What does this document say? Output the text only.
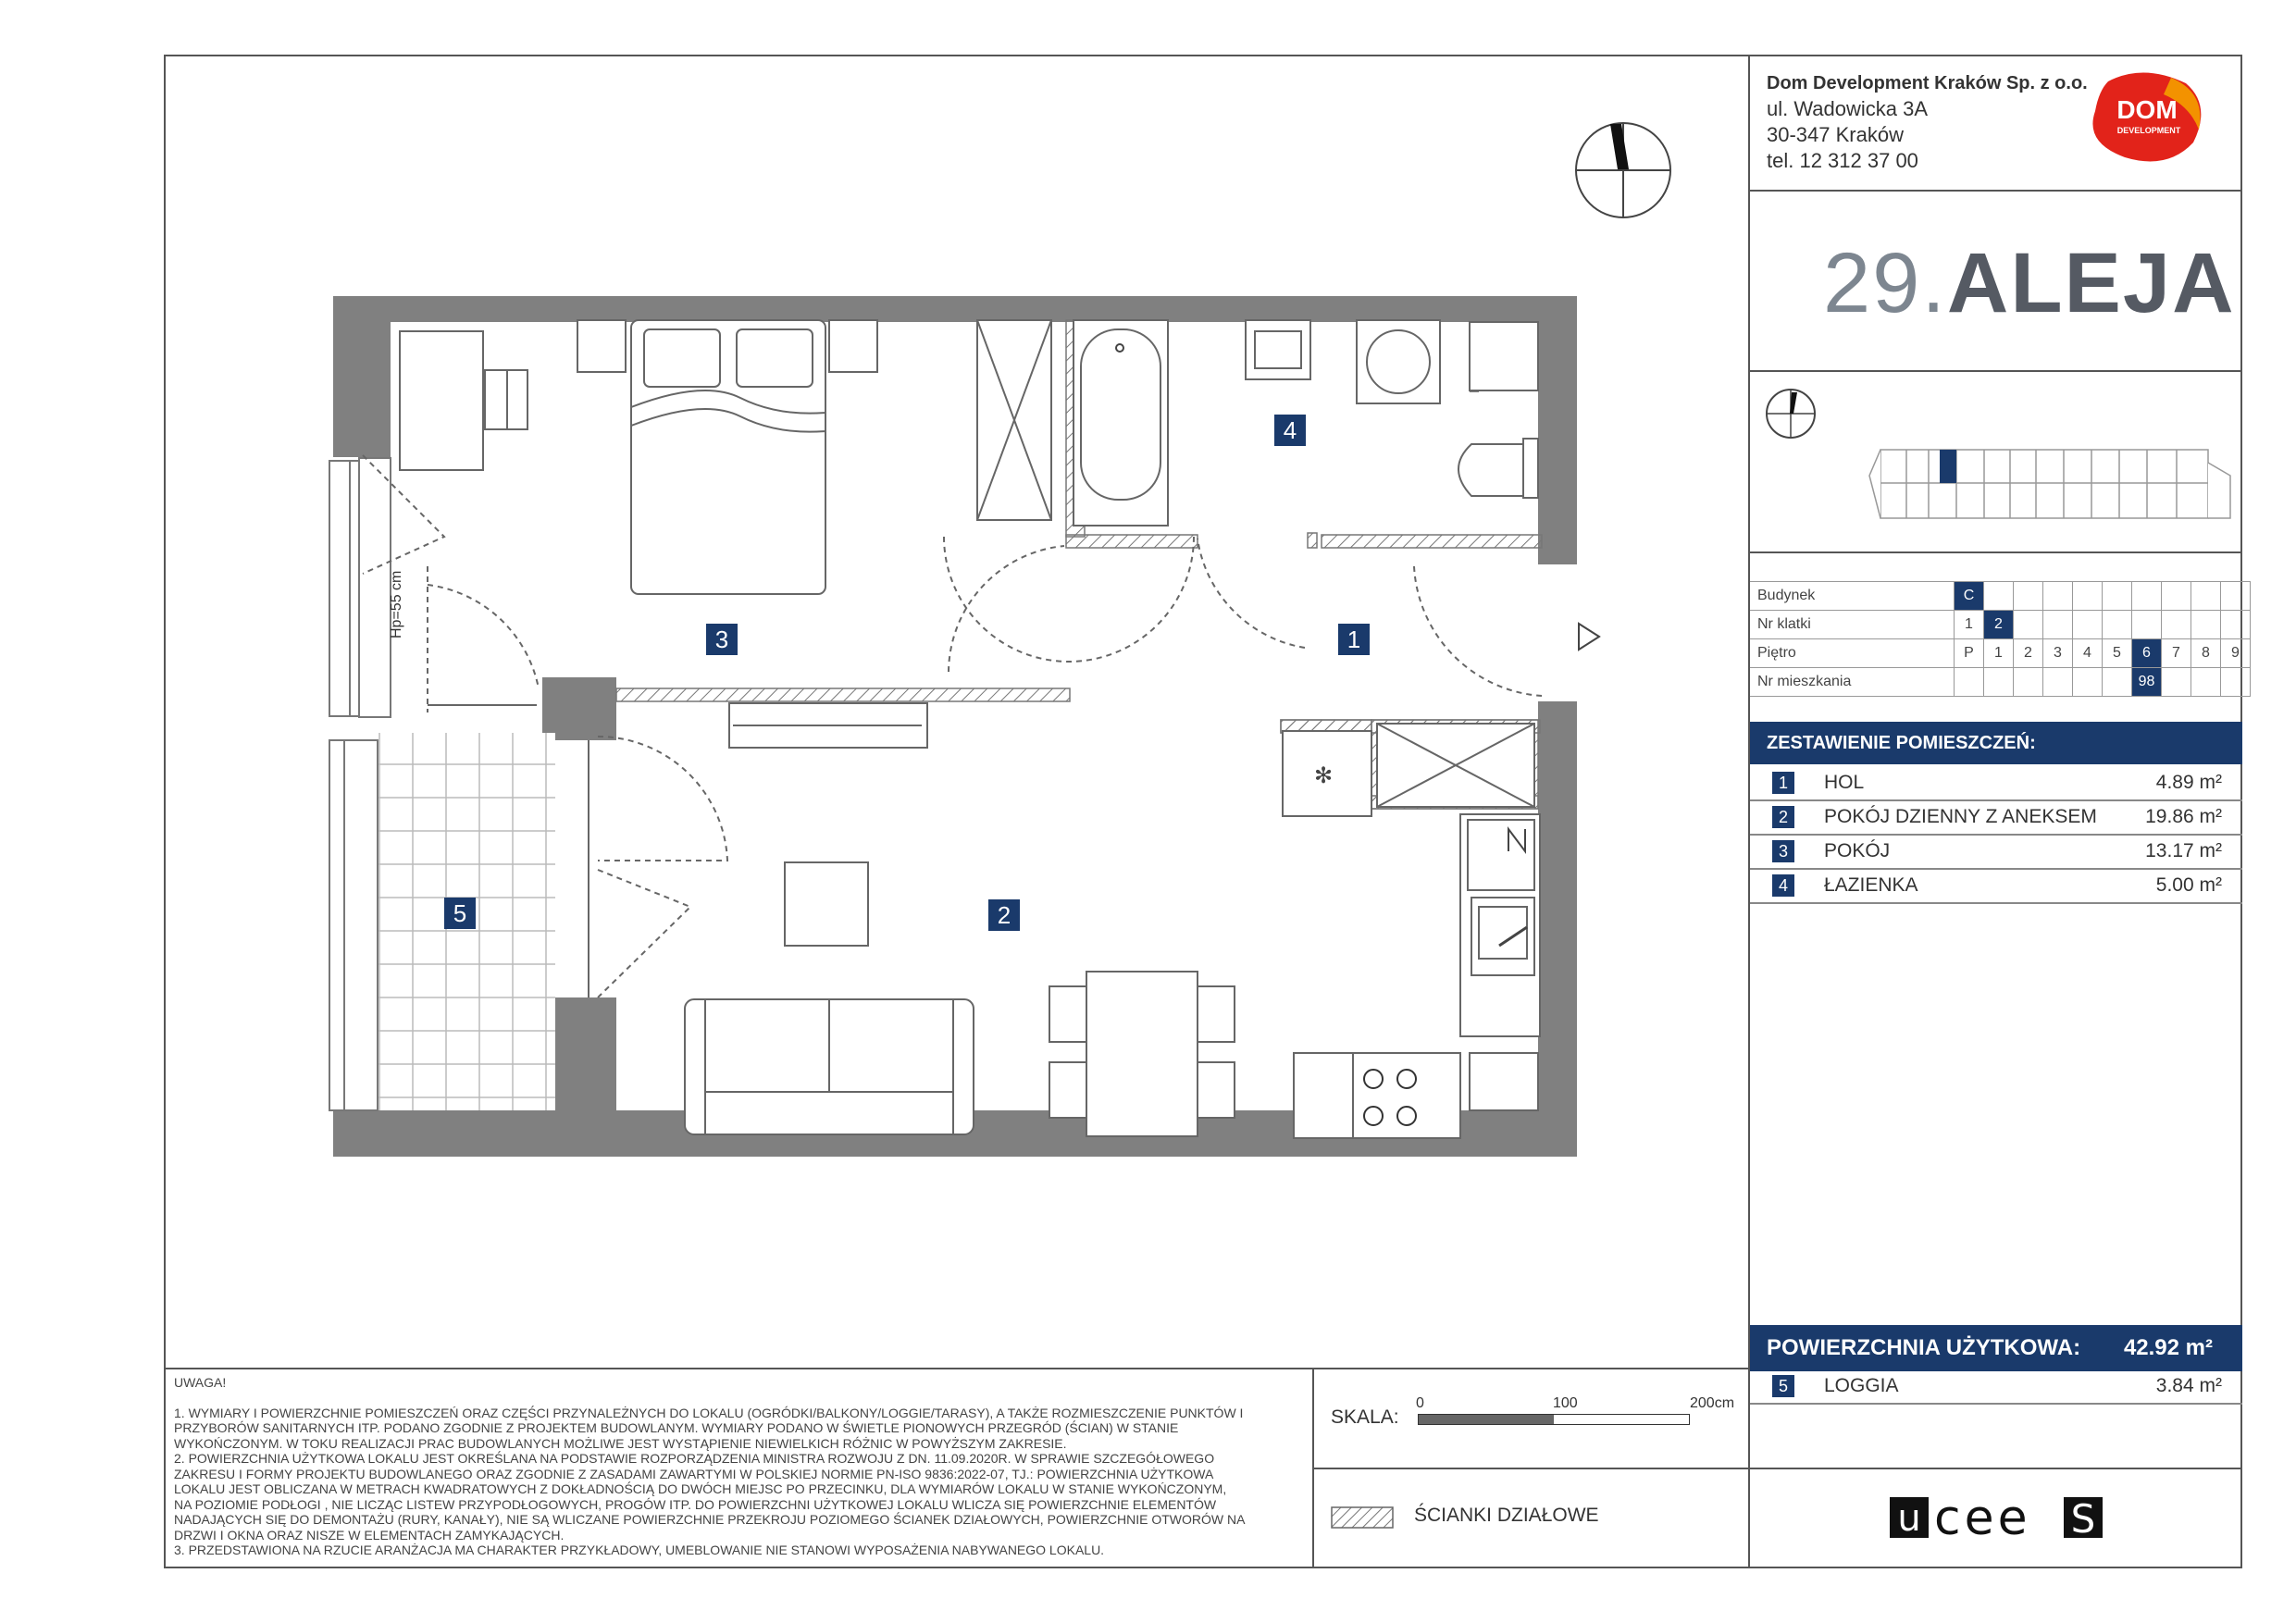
✻
1
2
3
4
5
Hp=55 cm
Dom Development Kraków Sp. z o.o.
ul. Wadowicka 3A
30-347 Kraków
tel. 12 312 37 00
DOM
DEVELOPMENT
29.ALEJA
Budynek	C									
Nr klatki	1	2								
Piętro	P	1	2	3	4	5	6	7	8	9
Nr mieszkania							98			
ZESTAWIENIE POMIESZCZEŃ:
1	HOL	4.89 m²
2	POKÓJ DZIENNY Z ANEKSEM 19.86 m²
3	POKÓJ	13.17 m²
4	ŁAZIENKA	5.00 m²
POWIERZCHNIA UŻYTKOWA: 42.92 m²
5	LOGGIA	3.84 m²

UWAGA!

1. WYMIARY I POWIERZCHNIE POMIESZCZEŃ ORAZ CZĘŚCI PRZYNALEŻNYCH DO LOKALU (OGRÓDKI/BALKONY/LOGGIE/TARASY), A TAKŻE ROZMIESZCZENIE PUNKTÓW I

PRZYBORÓW SANITARNYCH ITP. PODANO ZGODNIE Z PROJEKTEM BUDOWLANYM. WYMIARY PODANO W ŚWIETLE PIONOWYCH PRZEGRÓD (ŚCIAN) W STANIE

WYKOŃCZONYM. W TOKU REALIZACJI PRAC BUDOWLANYCH MOŻLIWE JEST WYSTĄPIENIE NIEWIELKICH RÓŻNIC W POWYŻSZYM ZAKRESIE.

2. POWIERZCHNIA UŻYTKOWA LOKALU JEST OKREŚLANA NA PODSTAWIE ROZPORZĄDZENIA MINISTRA ROZWOJU Z DN. 11.09.2020R. W SPRAWIE SZCZEGÓŁOWEGO

ZAKRESU I FORMY PROJEKTU BUDOWLANEGO ORAZ ZGODNIE Z ZASADAMI ZAWARTYMI W POLSKIEJ NORMIE PN-ISO 9836:2022-07, TJ.: POWIERZCHNIA UŻYTKOWA

LOKALU JEST OBLICZANA W METRACH KWADRATOWYCH Z DOKŁADNOŚCIĄ DO DWÓCH MIEJSC PO PRZECINKU, DLA WYMIARÓW LOKALU W STANIE WYKOŃCZONYM,

NA POZIOMIE PODŁOGI , NIE LICZĄC LISTEW PRZYPODŁOGOWYCH, PROGÓW ITP. DO POWIERZCHNI UŻYTKOWEJ LOKALU WLICZA SIĘ POWIERZCHNIE ELEMENTÓW

NADAJĄCYCH SIĘ DO DEMONTAŻU (RURY, KANAŁY), NIE SĄ WLICZANE POWIERZCHNIE PRZEKROJU POZIOMEGO ŚCIANEK DZIAŁOWYCH, POWIERZCHNIE OTWORÓW NA

DRZWI I OKNA ORAZ NISZE W ELEMENTACH ZAMYKAJĄCYCH.

3. PRZEDSTAWIONA NA RZUCIE ARANŻACJA MA CHARAKTER PRZYKŁADOWY, UMEBLOWANIE NIE STANOWI WYPOSAŻENIA NABYWANEGO LOKALU.

SKALA:
0	100	200cm
ŚCIANKI DZIAŁOWE	u cee S
